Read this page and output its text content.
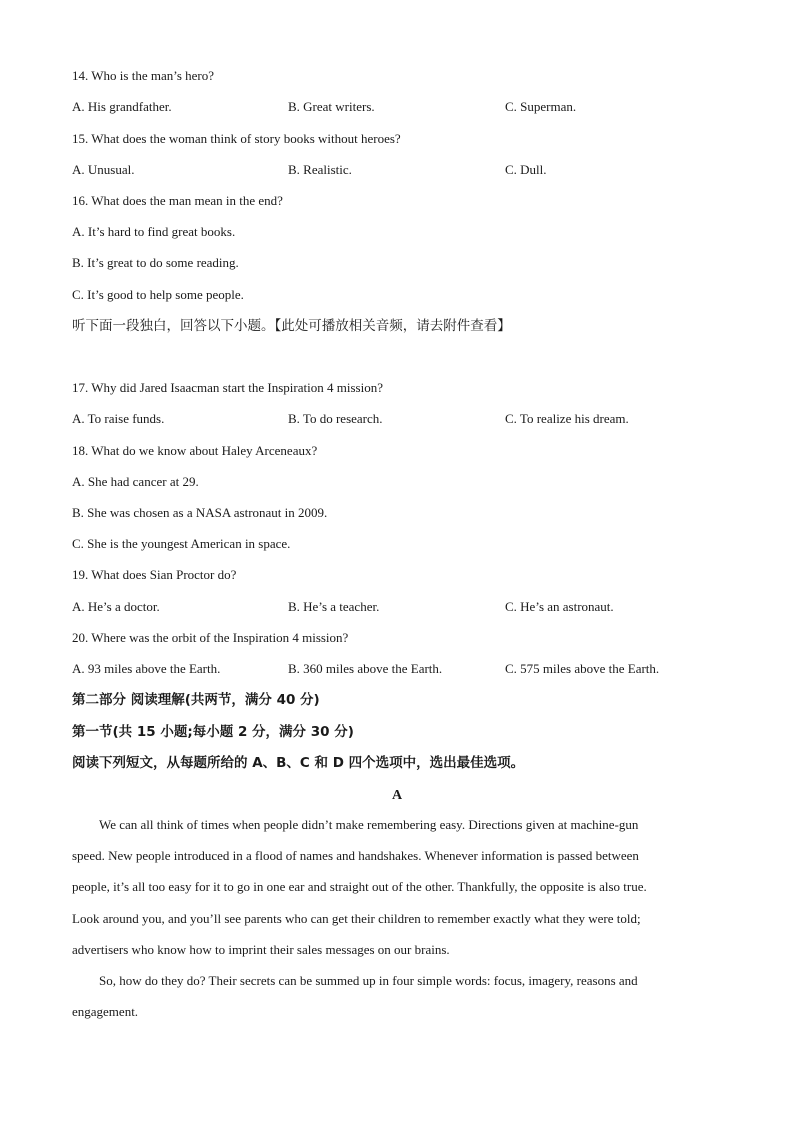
14. Who is the man’s hero?
A. His grandfather.	B. Great writers.	C. Superman.
15. What does the woman think of story books without heroes?
A. Unusual.	B. Realistic.	C. Dull.
16. What does the man mean in the end?
A. It’s hard to find great books.
B. It’s great to do some reading.
C. It’s good to help some people.
听下面一段独白，回答以下小题。【此处可播放相关音频，请去附件查看】
17. Why did Jared Isaacman start the Inspiration 4 mission?
A. To raise funds.	B. To do research.	C. To realize his dream.
18. What do we know about Haley Arceneaux?
A. She had cancer at 29.
B. She was chosen as a NASA astronaut in 2009.
C. She is the youngest American in space.
19. What does Sian Proctor do?
A. He’s a doctor.	B. He’s a teacher.	C. He’s an astronaut.
20. Where was the orbit of the Inspiration 4 mission?
A. 93 miles above the Earth.	B. 360 miles above the Earth.	C. 575 miles above the Earth.
第二部分 阅读理解(共两节，满分 40 分)
第一节(共 15 小题;每小题 2 分，满分 30 分)
阅读下列短文，从每题所给的 A、B、C 和 D 四个选项中，选出最佳选项。
A
We can all think of times when people didn’t make remembering easy. Directions given at machine-gun
speed. New people introduced in a flood of names and handshakes. Whenever information is passed between
people, it’s all too easy for it to go in one ear and straight out of the other. Thankfully, the opposite is also true.
Look around you, and you’ll see parents who can get their children to remember exactly what they were told;
advertisers who know how to imprint their sales messages on our brains.
So, how do they do? Their secrets can be summed up in four simple words: focus, imagery, reasons and
engagement.
